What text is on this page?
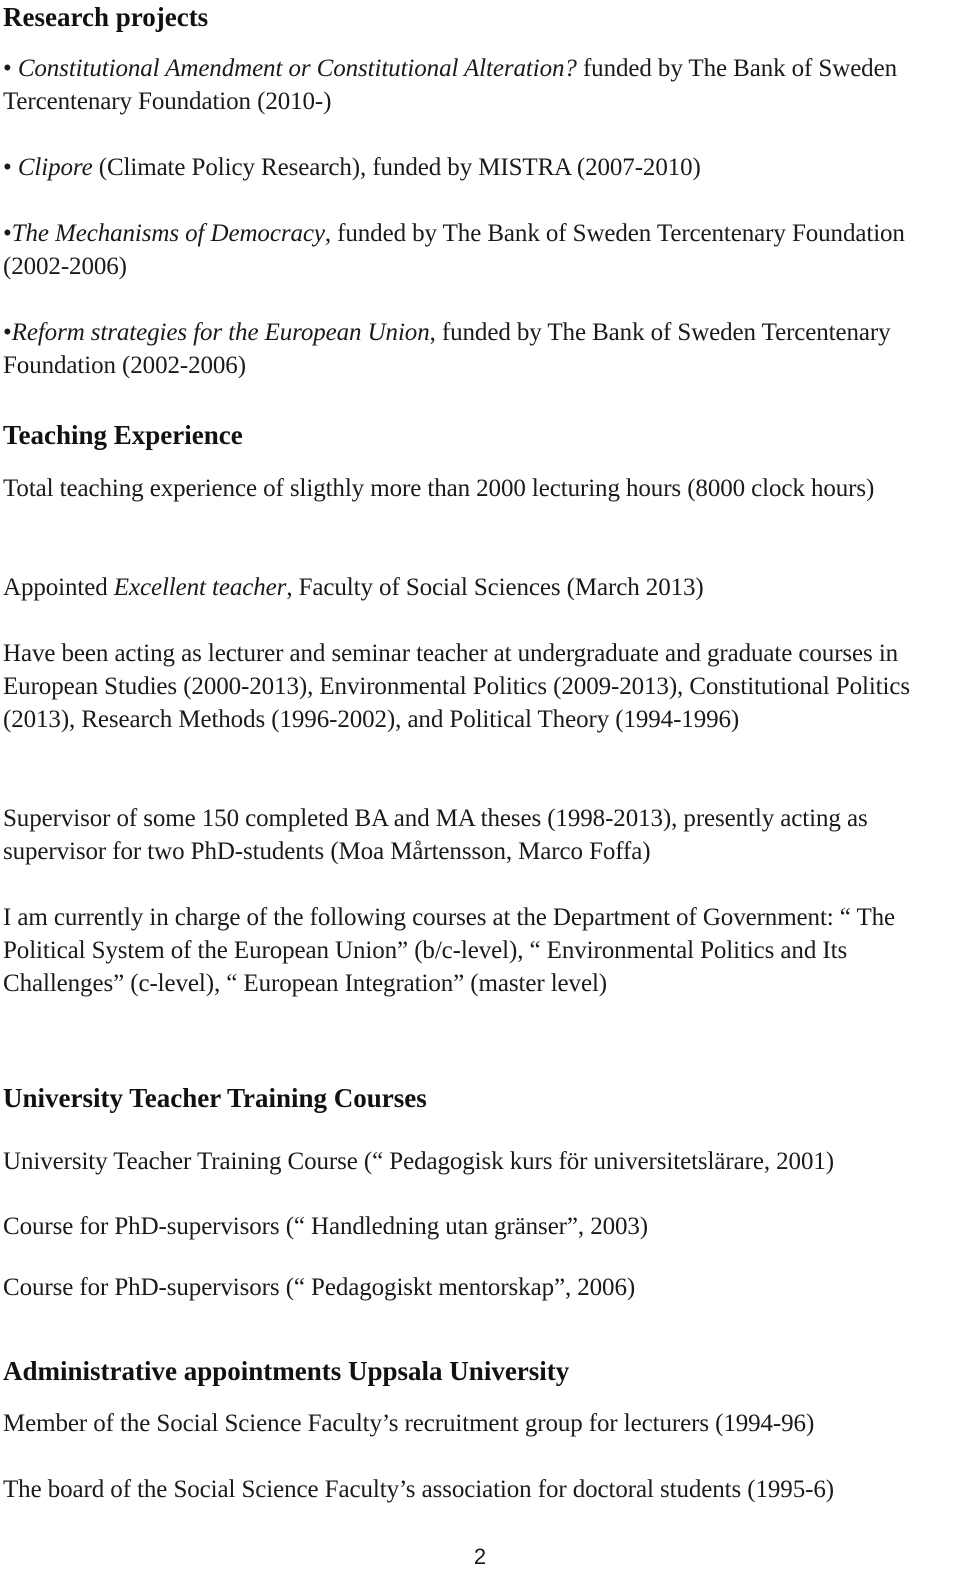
Research projects

• Constitutional Amendment or Constitutional Alteration? funded by The Bank of Sweden Tercentenary Foundation (2010-)

• Clipore (Climate Policy Research), funded by MISTRA (2007-2010)

•The Mechanisms of Democracy, funded by The Bank of Sweden Tercentenary Foundation (2002-2006)

•Reform strategies for the European Union, funded by The Bank of Sweden Tercentenary Foundation (2002-2006)

Teaching Experience

Total teaching experience of sligthly more than 2000 lecturing hours (8000 clock hours)

Appointed Excellent teacher, Faculty of Social Sciences (March 2013)

Have been acting as lecturer and seminar teacher at undergraduate and graduate courses in European Studies (2000-2013), Environmental Politics (2009-2013), Constitutional Politics (2013), Research Methods (1996-2002), and Political Theory (1994-1996)

Supervisor of some 150 completed BA and MA theses (1998-2013), presently acting as supervisor for two PhD-students (Moa Mårtensson, Marco Foffa)

I am currently in charge of the following courses at the Department of Government: “ The Political System of the European Union” (b/c-level), “ Environmental Politics and Its Challenges” (c-level), “ European Integration” (master level)

University Teacher Training Courses

University Teacher Training Course (“ Pedagogisk kurs för universitetslärare, 2001)

Course for PhD-supervisors (“ Handledning utan gränser”, 2003)

Course for PhD-supervisors (“ Pedagogiskt mentorskap”, 2006)

Administrative appointments Uppsala University

Member of the Social Science Faculty’s recruitment group for lecturers (1994-96)

The board of the Social Science Faculty’s association for doctoral students (1995-6)

2
